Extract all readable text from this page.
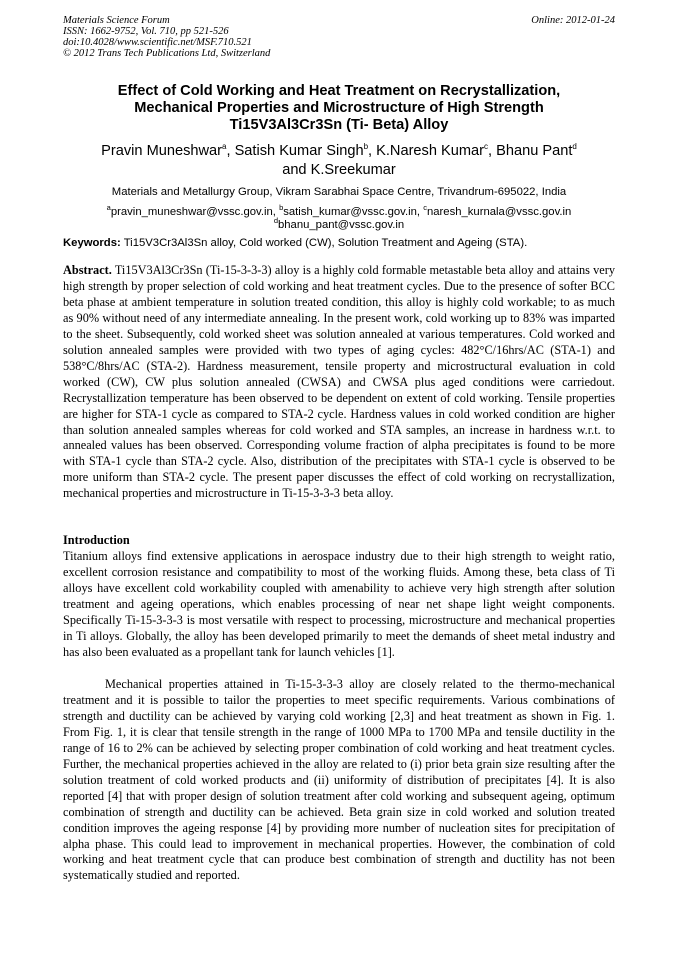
Materials Science Forum
ISSN: 1662-9752, Vol. 710, pp 521-526
doi:10.4028/www.scientific.net/MSF.710.521
© 2012 Trans Tech Publications Ltd, Switzerland
Online: 2012-01-24
Effect of Cold Working and Heat Treatment on Recrystallization,
Mechanical Properties and Microstructure of High Strength
Ti15V3Al3Cr3Sn (Ti- Beta) Alloy
Pravin Muneshwar$^a$, Satish Kumar Singh$^b$, K.Naresh Kumar$^c$, Bhanu Pant$^d$
and K.Sreekumar
Materials and Metallurgy Group, Vikram Sarabhai Space Centre, Trivandrum-695022, India
$^a$pravin_muneshwar@vssc.gov.in, $^b$satish_kumar@vssc.gov.in, $^c$naresh_kurnala@vssc.gov.in
$^d$bhanu_pant@vssc.gov.in
Keywords: Ti15V3Cr3Al3Sn alloy, Cold worked (CW), Solution Treatment and Ageing (STA).
Abstract. Ti15V3Al3Cr3Sn (Ti-15-3-3-3) alloy is a highly cold formable metastable beta alloy and attains very high strength by proper selection of cold working and heat treatment cycles. Due to the presence of softer BCC beta phase at ambient temperature in solution treated condition, this alloy is highly cold workable; to as much as 90% without need of any intermediate annealing. In the present work, cold working up to 83% was imparted to the sheet. Subsequently, cold worked sheet was solution annealed at various temperatures. Cold worked and solution annealed samples were provided with two types of aging cycles: 482°C/16hrs/AC (STA-1) and 538°C/8hrs/AC (STA-2). Hardness measurement, tensile property and microstructural evaluation in cold worked (CW), CW plus solution annealed (CWSA) and CWSA plus aged conditions were carriedout. Recrystallization temperature has been observed to be dependent on extent of cold working. Tensile properties are higher for STA-1 cycle as compared to STA-2 cycle. Hardness values in cold worked condition are higher than solution annealed samples whereas for cold worked and STA samples, an increase in hardness w.r.t. to annealed values has been observed. Corresponding volume fraction of alpha precipitates is found to be more with STA-1 cycle than STA-2 cycle. Also, distribution of the precipitates with STA-1 cycle is observed to be more uniform than STA-2 cycle. The present paper discusses the effect of cold working on recrystallization, mechanical properties and microstructure in Ti-15-3-3-3 beta alloy.
Introduction
Titanium alloys find extensive applications in aerospace industry due to their high strength to weight ratio, excellent corrosion resistance and compatibility to most of the working fluids. Among these, beta class of Ti alloys have excellent cold workability coupled with amenability to achieve very high strength after solution treatment and ageing operations, which enables processing of near net shape light weight components. Specifically Ti-15-3-3-3 is most versatile with respect to processing, microstructure and mechanical properties in Ti alloys. Globally, the alloy has been developed primarily to meet the demands of sheet metal industry and has also been evaluated as a propellant tank for launch vehicles [1].
Mechanical properties attained in Ti-15-3-3-3 alloy are closely related to the thermo-mechanical treatment and it is possible to tailor the properties to meet specific requirements. Various combinations of strength and ductility can be achieved by varying cold working [2,3] and heat treatment as shown in Fig. 1. From Fig. 1, it is clear that tensile strength in the range of 1000 MPa to 1700 MPa and tensile ductility in the range of 16 to 2% can be achieved by selecting proper combination of cold working and heat treatment cycles. Further, the mechanical properties achieved in the alloy are related to (i) prior beta grain size resulting after the solution treatment of cold worked products and (ii) uniformity of distribution of precipitates [4]. It is also reported [4] that with proper design of solution treatment after cold working and subsequent ageing, optimum combination of strength and ductility can be achieved. Beta grain size in cold worked and solution treated condition improves the ageing response [4] by providing more number of nucleation sites for precipitation of alpha phase. This could lead to improvement in mechanical properties. However, the combination of cold working and heat treatment cycle that can produce best combination of strength and ductility has not been systematically studied and reported.
